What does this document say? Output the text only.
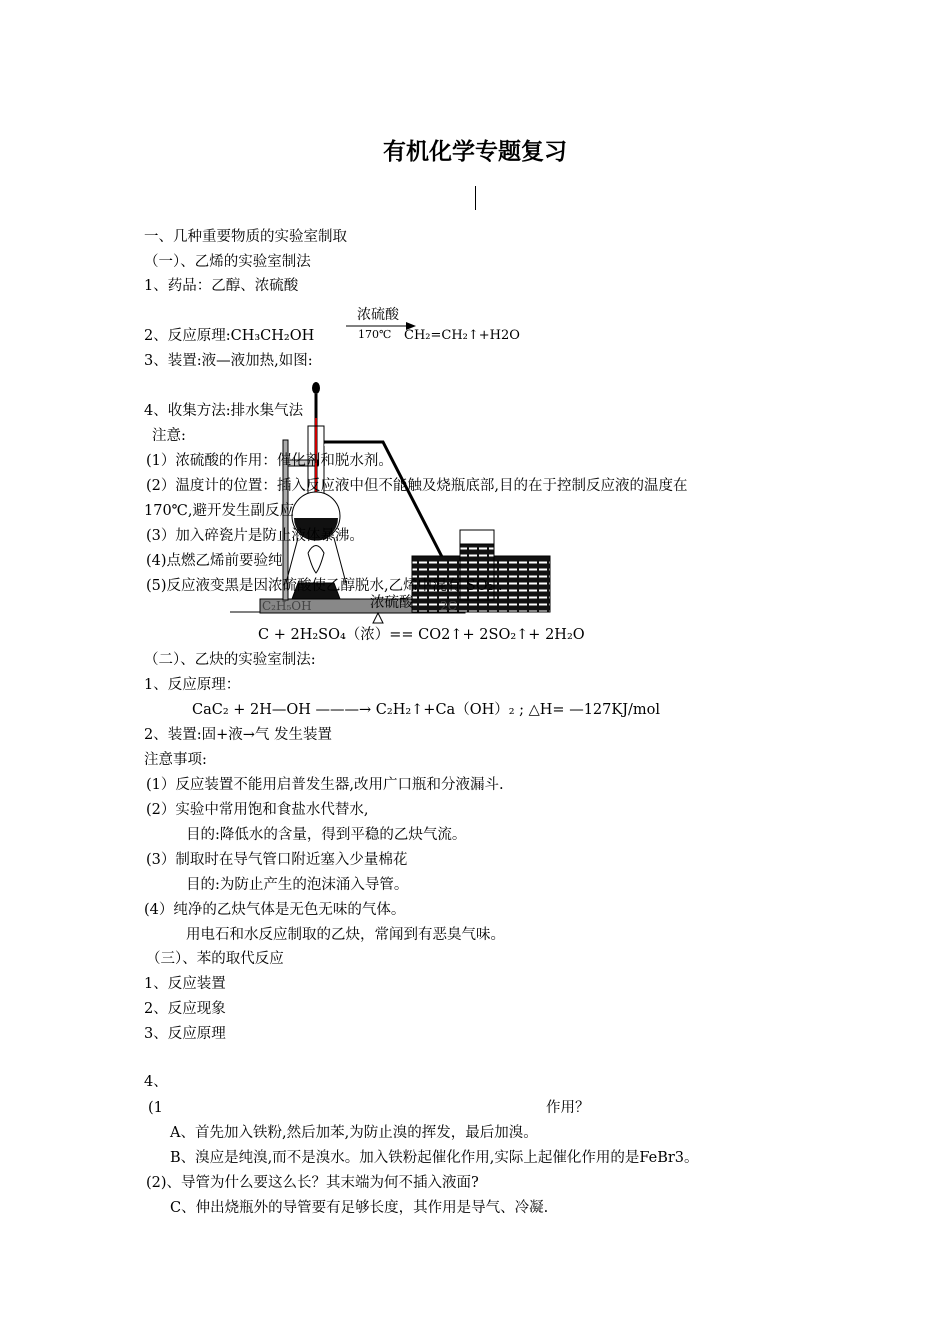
有机化学专题复习
一、几种重要物质的实验室制取
（一）、乙烯的实验室制法
1、药品：乙醇、浓硫酸
2、反应原理:CH₃CH₂OH
浓硫酸
170℃ CH₂=CH₂↑+H2O
3、装置:液—液加热,如图:
4、收集方法:排水集气法
注意:
(1）浓硫酸的作用：催化剂和脱水剂。
(2）温度计的位置：插入反应液中但不能触及烧瓶底部,目的在于控制反应液的温度在
170℃,避开发生副反应
(3）加入碎瓷片是防止液体暴沸。
(4)点燃乙烯前要验纯
(5)反应液变黑是因浓硫酸使乙醇脱水,乙烯中混有 SO₂ .
C₂H₅OH	浓硫酸 2C
C + 2H₂SO₄（浓）== CO2↑+ 2SO₂↑+ 2H₂O
（二）、乙炔的实验室制法:
1、反应原理：
CaC₂ + 2H—OH ———→ C₂H₂↑+Ca（OH）₂ ; △H= —127KJ/mol
2、装置:固+液→气 发生装置
注意事项:
(1）反应装置不能用启普发生器,改用广口瓶和分液漏斗.
(2）实验中常用饱和食盐水代替水,
目的:降低水的含量，得到平稳的乙炔气流。
(3）制取时在导气管口附近塞入少量棉花
目的:为防止产生的泡沫涌入导管。
(4）纯净的乙炔气体是无色无味的气体。
用电石和水反应制取的乙炔，常闻到有恶臭气味。
（三）、苯的取代反应
1、反应装置
2、反应现象
3、反应原理
4、
(1	作用？
A、首先加入铁粉,然后加苯,为防止溴的挥发，最后加溴。
B、溴应是纯溴,而不是溴水。加入铁粉起催化作用,实际上起催化作用的是FeBr3。
(2)、导管为什么要这么长？其末端为何不插入液面?
C、伸出烧瓶外的导管要有足够长度，其作用是导气、冷凝.
